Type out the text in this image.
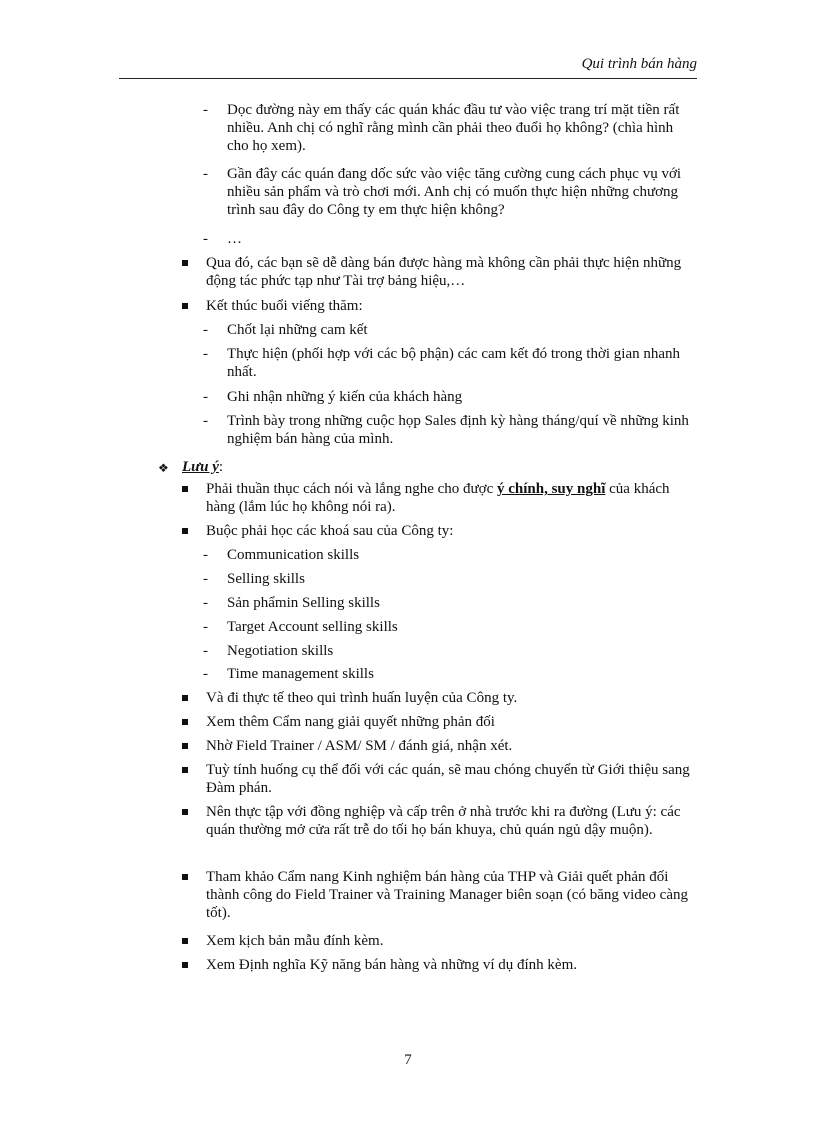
Qui trình bán hàng
- Dọc đường này em thấy các quán khác đầu tư vào việc trang trí mặt tiền rất nhiều. Anh chị có nghĩ rằng mình cần phải theo đuổi họ không? (chìa hình cho họ xem).
- Gần đây các quán đang dốc sức vào việc tăng cường cung cách phục vụ với nhiều sản phẩm và trò chơi mới. Anh chị có muốn thực hiện những chương trình sau đây do Công ty em thực hiện không?
- …
Qua đó, các bạn sẽ dễ dàng bán được hàng mà không cần phải thực hiện những động tác phức tạp như Tài trợ bảng hiệu,…
Kết thúc buổi viếng thăm:
- Chốt lại những cam kết
- Thực hiện (phối hợp với các bộ phận) các cam kết đó trong thời gian nhanh nhất.
- Ghi nhận những ý kiến của khách hàng
- Trình bày trong những cuộc họp Sales định kỳ hàng tháng/quí về những kinh nghiệm bán hàng của mình.
❖ Lưu ý:
Phải thuần thục cách nói và lắng nghe cho được ý chính, suy nghĩ của khách hàng (lắm lúc họ không nói ra).
Buộc phải học các khoá sau của Công ty:
- Communication skills
- Selling skills
- Sản phẩmin Selling skills
- Target Account selling skills
- Negotiation skills
- Time management skills
Và đi thực tế theo qui trình huấn luyện của Công ty.
Xem thêm Cẩm nang giải quyết những phản đối
Nhờ Field Trainer / ASM/ SM / đánh giá, nhận xét.
Tuỳ tính huống cụ thể đối với các quán, sẽ mau chóng chuyển từ Giới thiệu sang Đàm phán.
Nên thực tập với đồng nghiệp và cấp trên ở nhà trước khi ra đường (Lưu ý: các quán thường mở cửa rất trễ do tối họ bán khuya, chủ quán ngủ dậy muộn).
Tham khảo Cẩm nang Kinh nghiệm bán hàng của THP và Giải quết phản đối thành công do Field Trainer và Training Manager biên soạn (có băng video càng tốt).
Xem kịch bản mẫu đính kèm.
Xem Định nghĩa Kỹ năng bán hàng và những ví dụ đính kèm.
7
